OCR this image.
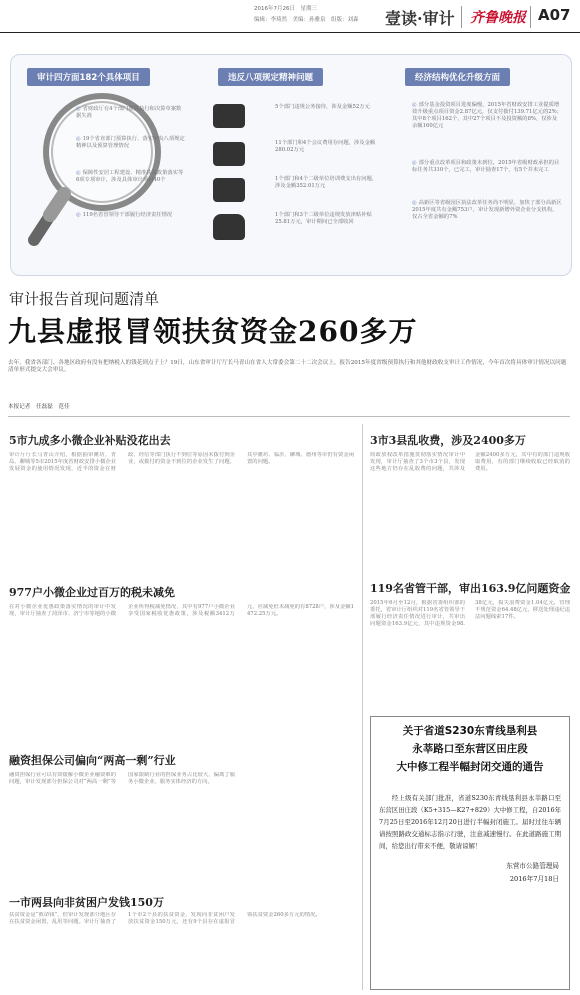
2016年7月26日　星期三
编辑：李琦然　美编：孙雅泉　组版：刘森 壹读·审计 齐鲁晚报 A07
审计四方面182个具体项目	违反八项规定精神问题	经济结构优化升级方面
◎ 省财政厅有4个部门预算执行和决算草案数据失准
◎ 19个省直部门预算执行、落实中央八项规定精神以及预算管理情况
◎ 保障性安居工程建设、精准扶贫政策落实等6项专项审计，涉及具体审计项目40个
◎ 119名省管领导干部履行经济责任情况
5个部门违规公务接待，涉及金额52万元
11个部门和4个会议费用存问题，涉及金额280.02万元
1个部门和4个二级单位培训费支出有问题，涉及金额352.01万元
1个部门和3个二级单位违规发放津贴补贴25.81万元，审计期间已全部收回
◎ 部分基金投资项目进度偏慢，2015年省财政安排工业提质增效升级重点项目资金2.87亿元，仅支付拨付139.71亿元的2%；其中8个项目162个、其中27个项目不及投资额的8%，仅涉及余额160亿元
◎ 部分重点改革项目和政策未到位，2015年省级财政承担的目标任务共310个，已完工，审计抽查17个，有5个并未完工
◎ 高新区等省级园区执法改革任务尚不明显，加快了部分高新区2015年度共有金额753户，审计发现新增外资企业分支机构，仅占全省金额的7%
审计报告首现问题清单
九县虚报冒领扶贫资金260多万
去年，我省各部门、各地区政府有没有把纳税人的钱花到点子上？19日，山东省审计厅厅长马青山在省人大常委会第二十二次会议上，报告2015年度省级预算执行和其他财政收支审计工作情况，今年首次将具体审计情况以问题清单形式提交大会审议。
本报记者　任磊磊　范佳
5市九成多小微企业补贴没花出去
审计厅厅长马青山介绍，根据抽审潍坊，青岛、聊城等5市2015年度省财政安排小微企业发展资金的使用情况发现，近半的资金在财政、经信等部门执行不到位等原因未拨付到企业，或拨付的资金不到位的企业发生了问题，其中潍坊、临沂、聊城、德州等市仍有资金闲置的问题。
977户小微企业过百万的税未减免
在对小微企业优惠政策落实情况的审计中发现，审计厅抽查了菏泽市、济宁市等地的小微企业所得税减免情况，其中有977户小微企业享受国家税收优惠政策，涉及税额3412万元，应减免但未减免的有8728户，涉及金额1472.25万元。
融资担保公司偏向“两高一剩”行业
融资担保行业可以有效缓解小微企业融资难的问题，审计发现部分担保公司对“两高一剩”等国家限制行业的担保业务占比较大，偏离了服务小微企业、服务实体经济的方向。
一市两县向非贫困户发钱150万
扶贫资金是“救命钱”，但审计发现部分地区存在扶贫资金闲置，乱用等问题。审计厅抽查了1个市2个县的扶贫资金，发现向非贫困户发放扶贫资金150万元，还有9个县存在虚报冒领扶贫资金260多万元的情况。
3市3县乱收费，涉及2400多万
简政放权改革措施贯彻落实情况审计中发现，审计厅抽查了3个市3个县，发现这些地方仍存在乱收费的问题，共涉及金额2400多万元，其中有的部门违规收取费用，有的部门继续收取已经取消的费用。
119名省管干部，审出163.9亿问题资金
2015年6月至12月，根据省委组织部的委托，省审计厅组织对119名省管领导干部履行经济责任情况进行审计，共审出问题资金163.9亿元，其中违规资金98.38亿元，损失浪费资金1.04亿元，管理不规范资金64.48亿元，移送处理违纪违法问题线索17件。
关于省道S230东青线垦利县
永莘路口至东营区田庄段
大中修工程半幅封闭交通的通告
经上级有关部门批准，省道S230东青线垦利县永莘路口至东营区田庄段（K5+315—K27+829）大中修工程，自2016年7月25日至2016年12月20日进行半幅封闭施工。届时过往车辆请按照路政交通标志指示行驶，注意减速慢行。在此道路施工期间，给您出行带来不便，敬请谅解！
东营市公路管理局
2016年7月18日
